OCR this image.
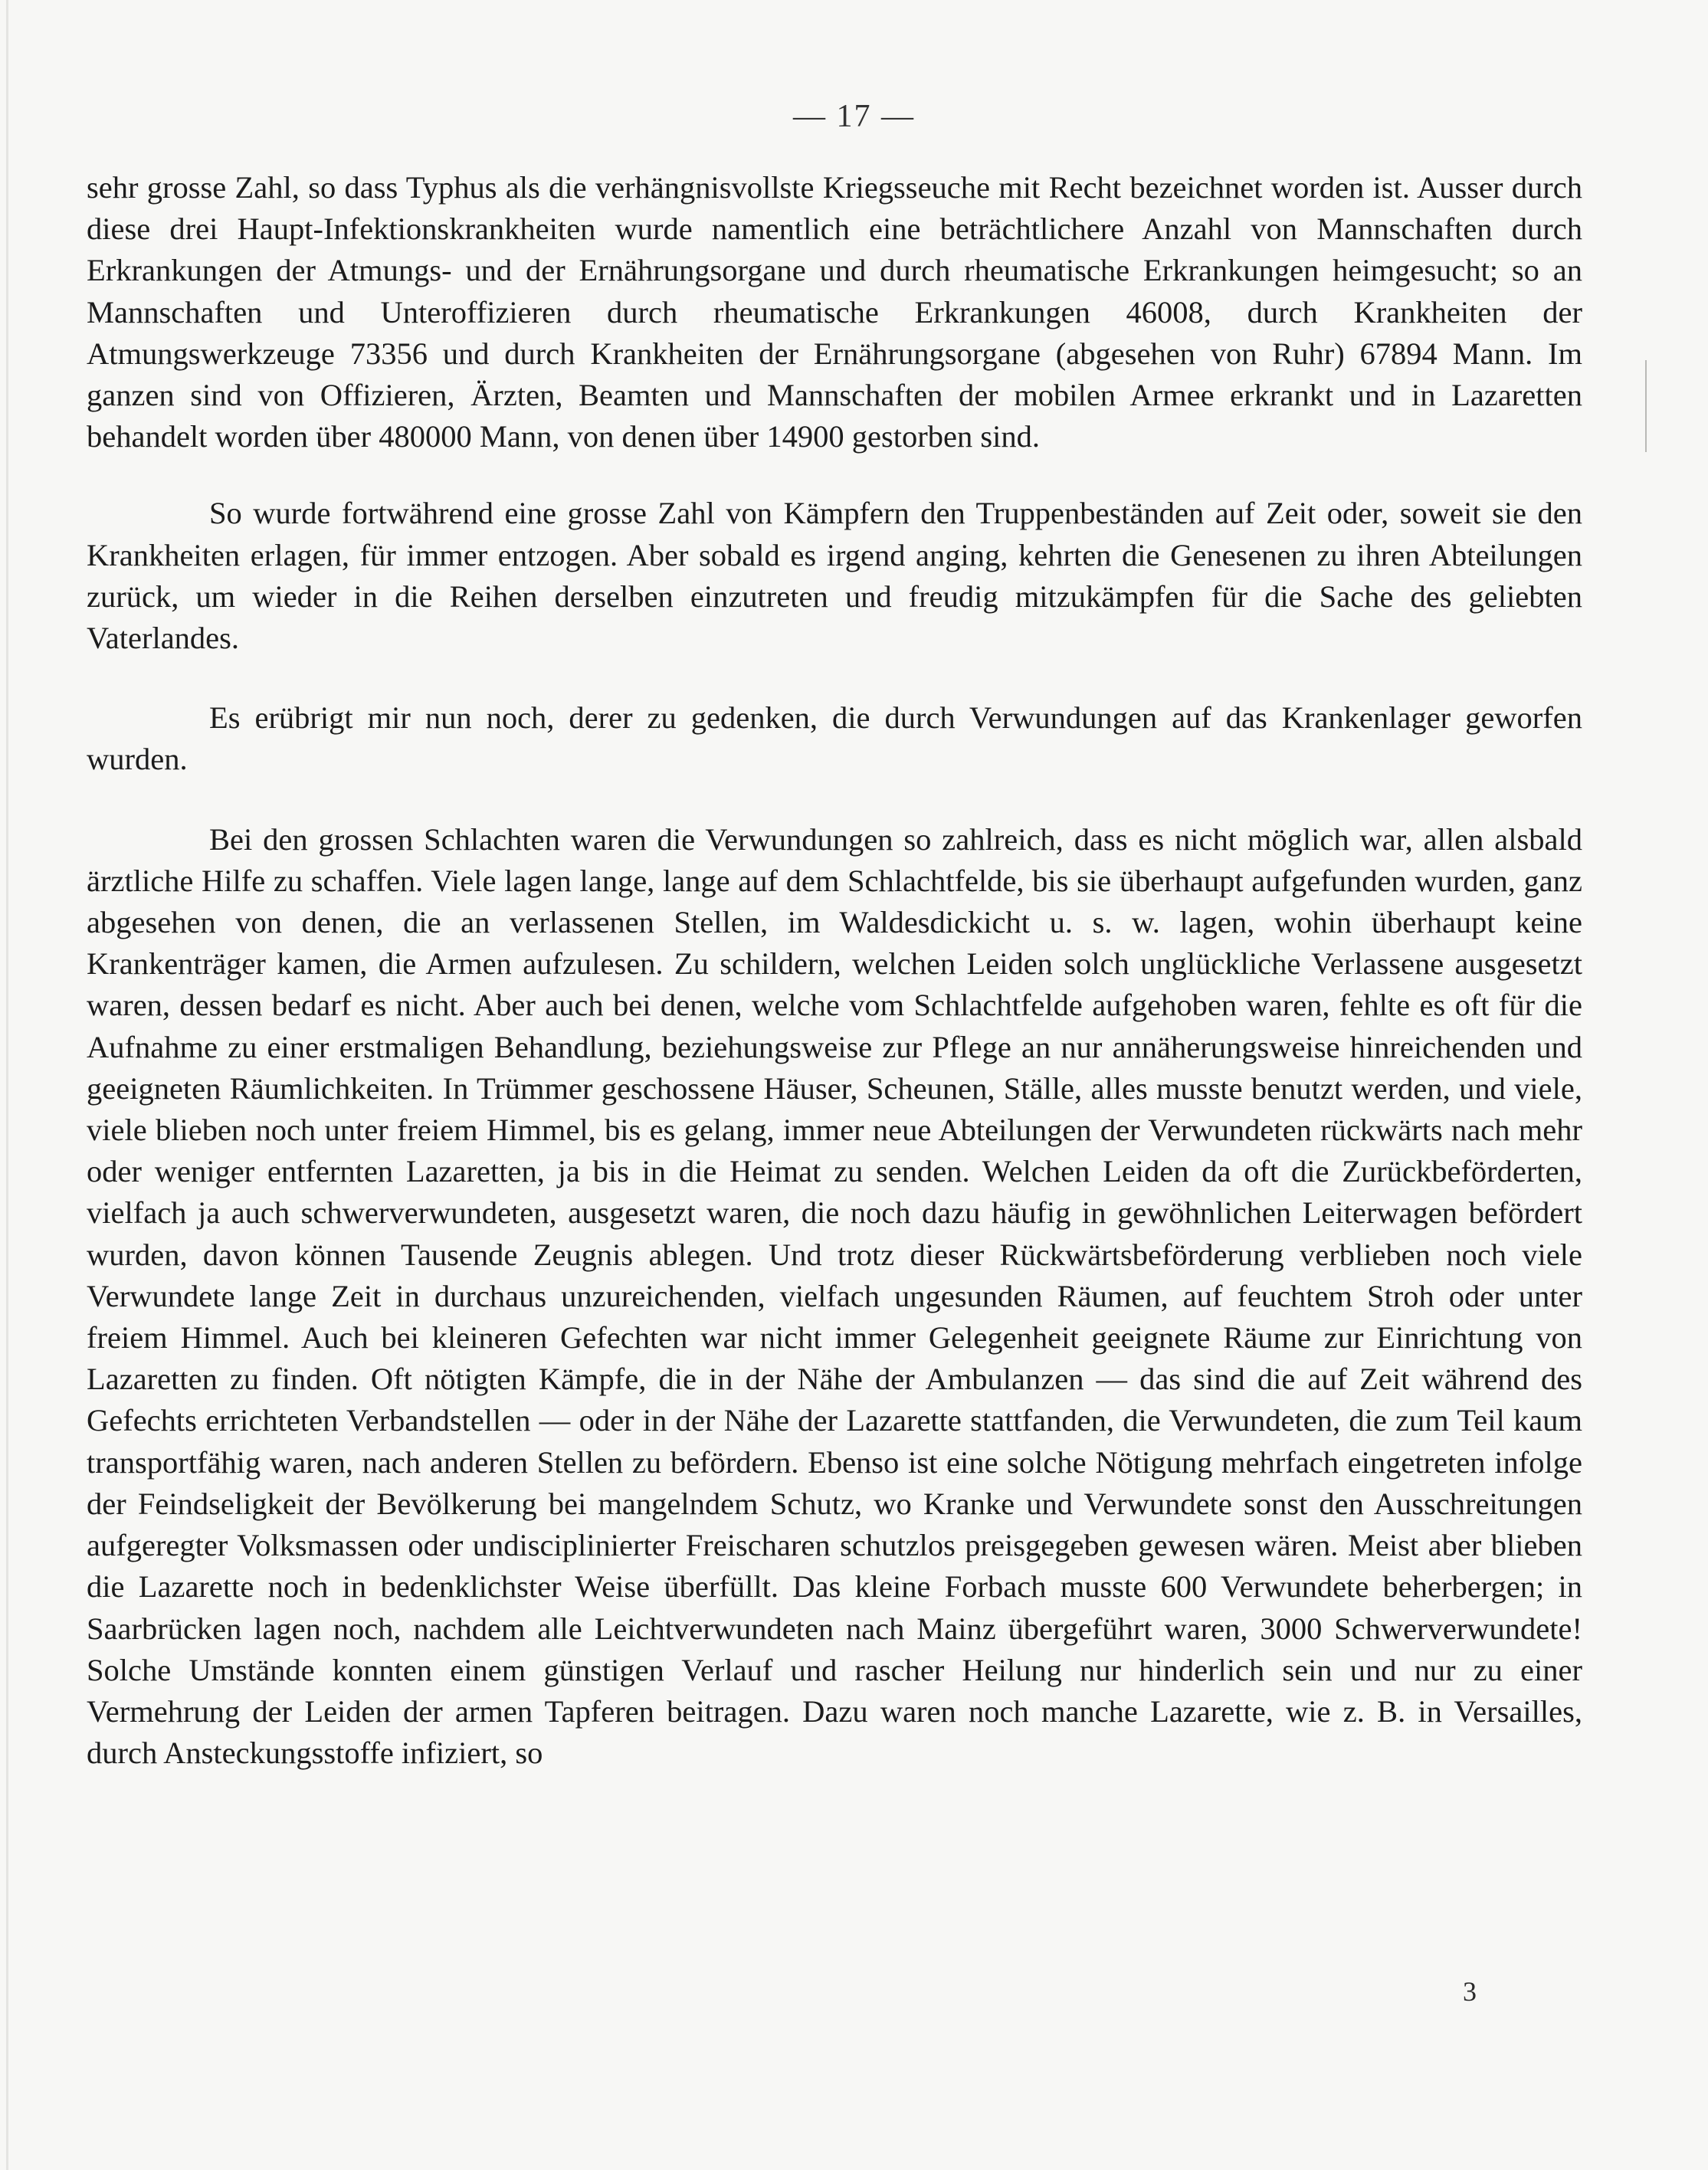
— 17 —

sehr grosse Zahl, so dass Typhus als die verhängnisvollste Kriegsseuche mit Recht bezeichnet worden ist. Ausser durch diese drei Haupt-Infektionskrankheiten wurde namentlich eine beträchtlichere Anzahl von Mannschaften durch Erkrankungen der Atmungs- und der Ernährungsorgane und durch rheumatische Erkrankungen heimgesucht; so an Mannschaften und Unteroffizieren durch rheumatische Erkrankungen 46008, durch Krankheiten der Atmungswerkzeuge 73356 und durch Krankheiten der Ernährungsorgane (abgesehen von Ruhr) 67894 Mann. Im ganzen sind von Offizieren, Ärzten, Beamten und Mannschaften der mobilen Armee erkrankt und in Lazaretten behandelt worden über 480000 Mann, von denen über 14900 gestorben sind.

So wurde fortwährend eine grosse Zahl von Kämpfern den Truppenbeständen auf Zeit oder, soweit sie den Krankheiten erlagen, für immer entzogen. Aber sobald es irgend anging, kehrten die Genesenen zu ihren Abteilungen zurück, um wieder in die Reihen derselben einzutreten und freudig mitzukämpfen für die Sache des geliebten Vaterlandes.

Es erübrigt mir nun noch, derer zu gedenken, die durch Verwundungen auf das Krankenlager geworfen wurden.

Bei den grossen Schlachten waren die Verwundungen so zahlreich, dass es nicht möglich war, allen alsbald ärztliche Hilfe zu schaffen. Viele lagen lange, lange auf dem Schlachtfelde, bis sie überhaupt aufgefunden wurden, ganz abgesehen von denen, die an verlassenen Stellen, im Waldesdickicht u. s. w. lagen, wohin überhaupt keine Krankenträger kamen, die Armen aufzulesen. Zu schildern, welchen Leiden solch unglückliche Verlassene ausgesetzt waren, dessen bedarf es nicht. Aber auch bei denen, welche vom Schlachtfelde aufgehoben waren, fehlte es oft für die Aufnahme zu einer erstmaligen Behandlung, beziehungsweise zur Pflege an nur annäherungsweise hinreichenden und geeigneten Räumlichkeiten. In Trümmer geschossene Häuser, Scheunen, Ställe, alles musste benutzt werden, und viele, viele blieben noch unter freiem Himmel, bis es gelang, immer neue Abteilungen der Verwundeten rückwärts nach mehr oder weniger entfernten Lazaretten, ja bis in die Heimat zu senden. Welchen Leiden da oft die Zurückbeförderten, vielfach ja auch schwerverwundeten, ausgesetzt waren, die noch dazu häufig in gewöhnlichen Leiterwagen befördert wurden, davon können Tausende Zeugnis ablegen. Und trotz dieser Rückwärtsbeförderung verblieben noch viele Verwundete lange Zeit in durchaus unzureichenden, vielfach ungesunden Räumen, auf feuchtem Stroh oder unter freiem Himmel. Auch bei kleineren Gefechten war nicht immer Gelegenheit geeignete Räume zur Einrichtung von Lazaretten zu finden. Oft nötigten Kämpfe, die in der Nähe der Ambulanzen — das sind die auf Zeit während des Gefechts errichteten Verbandstellen — oder in der Nähe der Lazarette stattfanden, die Verwundeten, die zum Teil kaum transportfähig waren, nach anderen Stellen zu befördern. Ebenso ist eine solche Nötigung mehrfach eingetreten infolge der Feindseligkeit der Bevölkerung bei mangelndem Schutz, wo Kranke und Verwundete sonst den Ausschreitungen aufgeregter Volksmassen oder undisciplinierter Freischaren schutzlos preisgegeben gewesen wären. Meist aber blieben die Lazarette noch in bedenklichster Weise überfüllt. Das kleine Forbach musste 600 Verwundete beherbergen; in Saarbrücken lagen noch, nachdem alle Leichtverwundeten nach Mainz übergeführt waren, 3000 Schwerverwundete! Solche Umstände konnten einem günstigen Verlauf und rascher Heilung nur hinderlich sein und nur zu einer Vermehrung der Leiden der armen Tapferen beitragen. Dazu waren noch manche Lazarette, wie z. B. in Versailles, durch Ansteckungsstoffe infiziert, so

3
